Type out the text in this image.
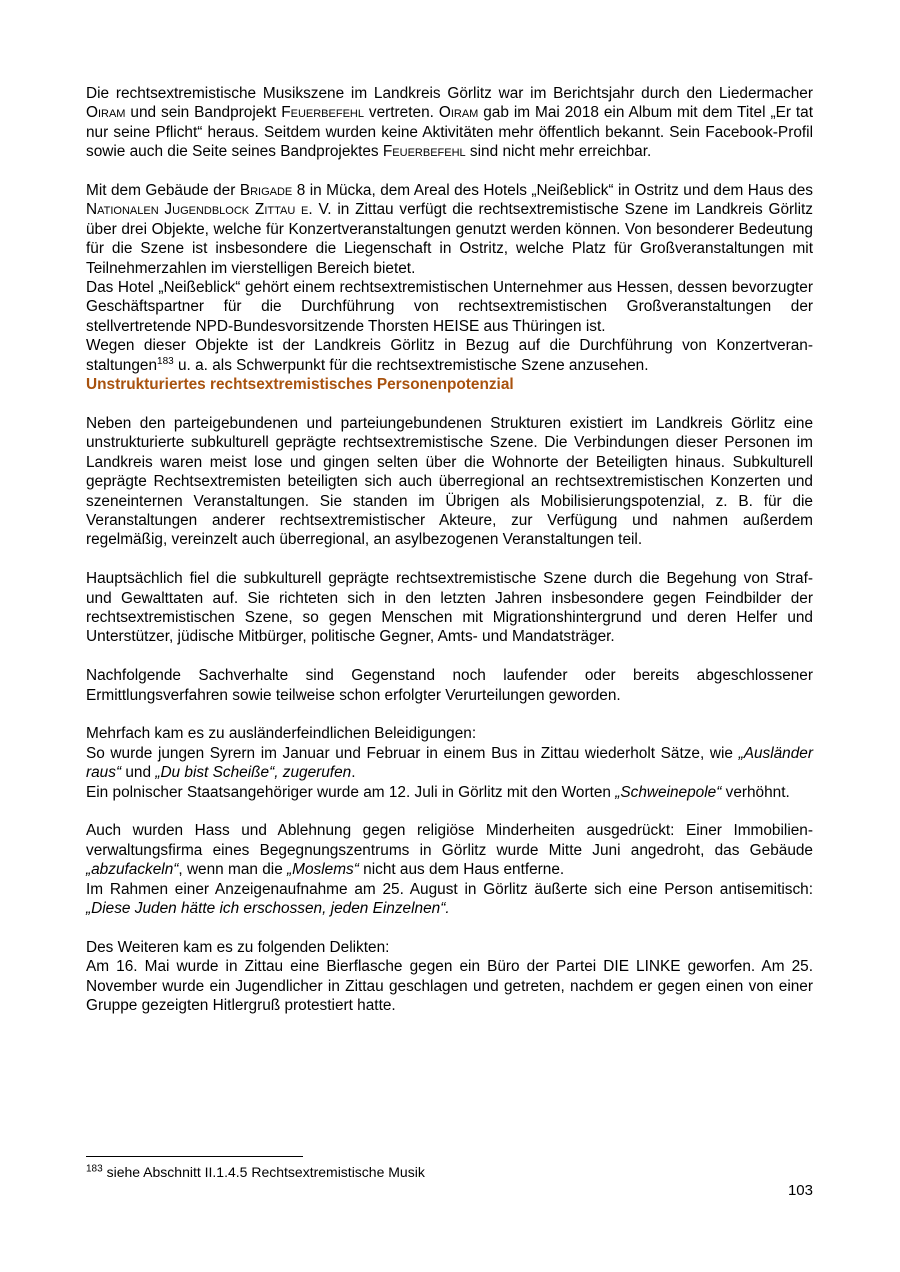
Die rechtsextremistische Musikszene im Landkreis Görlitz war im Berichtsjahr durch den Liedermacher Oiram und sein Bandprojekt Feuerbefehl vertreten. Oiram gab im Mai 2018 ein Album mit dem Titel „Er tat nur seine Pflicht“ heraus. Seitdem wurden keine Aktivitäten mehr öffentlich bekannt. Sein Facebook-Profil sowie auch die Seite seines Bandprojektes Feuerbefehl sind nicht mehr erreichbar.

Mit dem Gebäude der Brigade 8 in Mücka, dem Areal des Hotels „Neißeblick“ in Ostritz und dem Haus des Nationalen Jugendblock Zittau e. V. in Zittau verfügt die rechtsextremistische Szene im Landkreis Görlitz über drei Objekte, welche für Konzertveranstaltungen genutzt werden können. Von besonderer Bedeutung für die Szene ist insbesondere die Liegenschaft in Ostritz, welche Platz für Großveranstaltungen mit Teilnehmerzahlen im vierstelligen Bereich bietet.

Das Hotel „Neißeblick“ gehört einem rechtsextremistischen Unternehmer aus Hessen, dessen bevorzugter Geschäftspartner für die Durchführung von rechtsextremistischen Großveranstaltungen der stellvertretende NPD-Bundesvorsitzende Thorsten HEISE aus Thüringen ist.

Wegen dieser Objekte ist der Landkreis Görlitz in Bezug auf die Durchführung von Konzertveranstaltungen$^{183}$ u. a. als Schwerpunkt für die rechtsextremistische Szene anzusehen.

Unstrukturiertes rechtsextremistisches Personenpotenzial

Neben den parteigebundenen und parteiungebundenen Strukturen existiert im Landkreis Görlitz eine unstrukturierte subkulturell geprägte rechtsextremistische Szene. Die Verbindungen dieser Personen im Landkreis waren meist lose und gingen selten über die Wohnorte der Beteiligten hinaus. Subkulturell geprägte Rechtsextremisten beteiligten sich auch überregional an rechtsextremistischen Konzerten und szeneinternen Veranstaltungen. Sie standen im Übrigen als Mobilisierungspotenzial, z. B. für die Veranstaltungen anderer rechtsextremistischer Akteure, zur Verfügung und nahmen außerdem regelmäßig, vereinzelt auch überregional, an asylbezogenen Veranstaltungen teil.

Hauptsächlich fiel die subkulturell geprägte rechtsextremistische Szene durch die Begehung von Straf- und Gewalttaten auf. Sie richteten sich in den letzten Jahren insbesondere gegen Feindbilder der rechtsextremistischen Szene, so gegen Menschen mit Migrationshintergrund und deren Helfer und Unterstützer, jüdische Mitbürger, politische Gegner, Amts- und Mandatsträger.

Nachfolgende Sachverhalte sind Gegenstand noch laufender oder bereits abgeschlossener Ermittlungsverfahren sowie teilweise schon erfolgter Verurteilungen geworden.

Mehrfach kam es zu ausländerfeindlichen Beleidigungen:

So wurde jungen Syrern im Januar und Februar in einem Bus in Zittau wiederholt Sätze, wie „Ausländer raus“ und „Du bist Scheiße“, zugerufen.

Ein polnischer Staatsangehöriger wurde am 12. Juli in Görlitz mit den Worten „Schweinepole“ verhöhnt.

Auch wurden Hass und Ablehnung gegen religiöse Minderheiten ausgedrückt: Einer Immobilienverwaltungsfirma eines Begegnungszentrums in Görlitz wurde Mitte Juni angedroht, das Gebäude „abzufackeln“, wenn man die „Moslems“ nicht aus dem Haus entferne.

Im Rahmen einer Anzeigenaufnahme am 25. August in Görlitz äußerte sich eine Person antisemitisch: „Diese Juden hätte ich erschossen, jeden Einzelnen“.

Des Weiteren kam es zu folgenden Delikten:

Am 16. Mai wurde in Zittau eine Bierflasche gegen ein Büro der Partei DIE LINKE geworfen. Am 25. November wurde ein Jugendlicher in Zittau geschlagen und getreten, nachdem er gegen einen von einer Gruppe gezeigten Hitlergruß protestiert hatte.

$^{183}$ siehe Abschnitt II.1.4.5 Rechtsextremistische Musik
103
